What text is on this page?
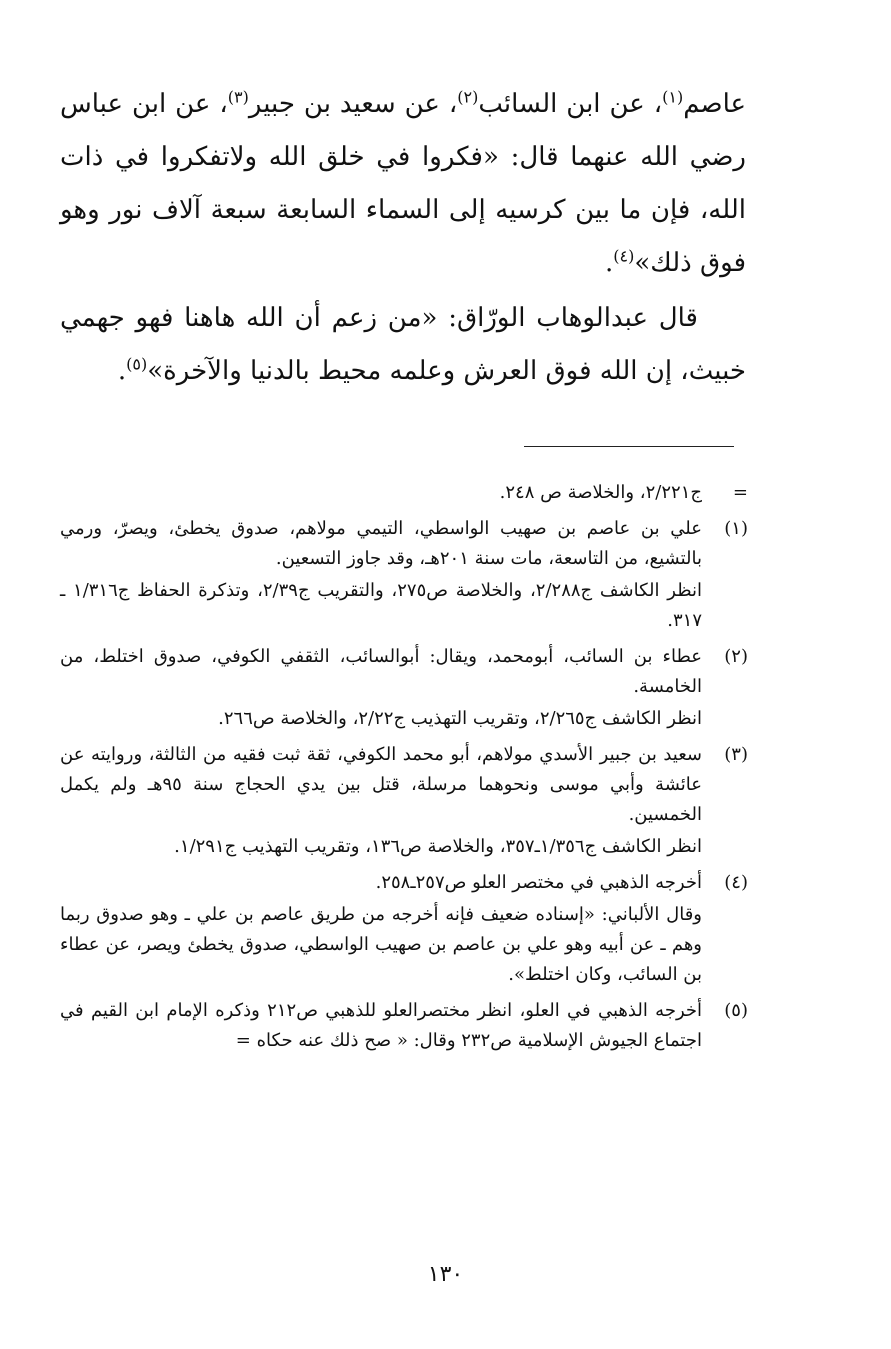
عاصم$^{(١)}$، عن ابن السائب$^{(٢)}$، عن سعيد بن جبير$^{(٣)}$، عن ابن عباس رضي الله عنهما قال: «فكروا في خلق الله ولاتفكروا في ذات الله، فإن ما بين كرسيه إلى السماء السابعة سبعة آلاف نور وهو فوق ذلك»$^{(٤)}$.

قال عبدالوهاب الورّاق: «من زعم أن الله هاهنا فهو جهمي خبيث، إن الله فوق العرش وعلمه محيط بالدنيا والآخرة»$^{(٥)}$.

=
ج٢/٢٢١، والخلاصة ص ٢٤٨.
(١)
علي بن عاصم بن صهيب الواسطي، التيمي مولاهم، صدوق يخطئ، ويصرّ، ورمي بالتشيع، من التاسعة، مات سنة ٢٠١هـ، وقد جاوز التسعين.
انظر الكاشف ج٢/٢٨٨، والخلاصة ص٢٧٥، والتقريب ج٢/٣٩، وتذكرة الحفاظ ج١/٣١٦ ـ ٣١٧.
(٢)
عطاء بن السائب، أبومحمد، ويقال: أبوالسائب، الثقفي الكوفي، صدوق اختلط، من الخامسة.
انظر الكاشف ج٢/٢٦٥، وتقريب التهذيب ج٢/٢٢، والخلاصة ص٢٦٦.
(٣)
سعيد بن جبير الأسدي مولاهم، أبو محمد الكوفي، ثقة ثبت فقيه من الثالثة، وروايته عن عائشة وأبي موسى ونحوهما مرسلة، قتل بين يدي الحجاج سنة ٩٥هـ ولم يكمل الخمسين.
انظر الكاشف ج١/٣٥٦ـ٣٥٧، والخلاصة ص١٣٦، وتقريب التهذيب ج١/٢٩١.
(٤)
أخرجه الذهبي في مختصر العلو ص٢٥٧ـ٢٥٨.
وقال الألباني: «إسناده ضعيف فإنه أخرجه من طريق عاصم بن علي ـ وهو صدوق ربما وهم ـ عن أبيه وهو علي بن عاصم بن صهيب الواسطي، صدوق يخطئ ويصر، عن عطاء بن السائب، وكان اختلط».
(٥)
أخرجه الذهبي في العلو، انظر مختصرالعلو للذهبي ص٢١٢ وذكره الإمام ابن القيم في اجتماع الجيوش الإسلامية ص٢٣٢ وقال: « صح ذلك عنه حكاه =
١٣٠
